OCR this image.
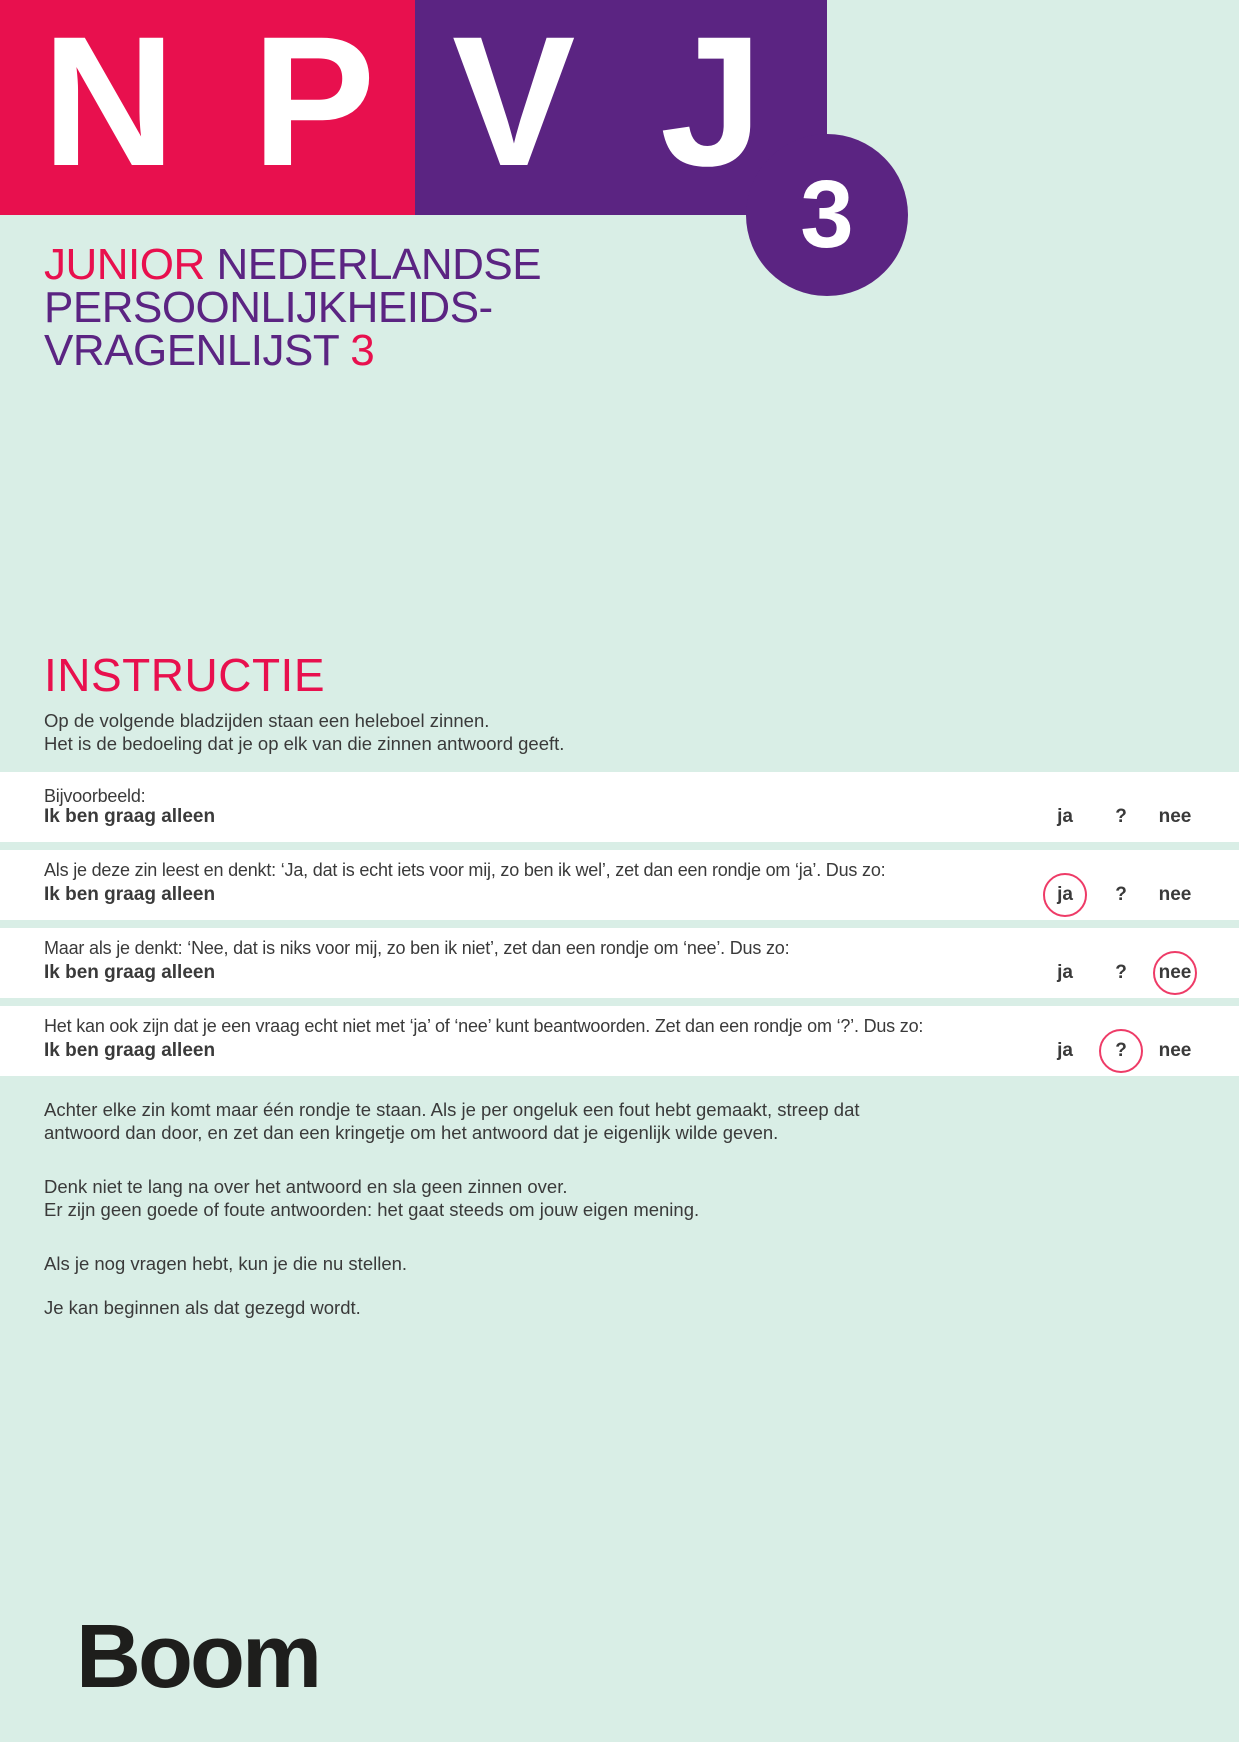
3
N P V J
JUNIOR NEDERLANDSE
PERSOONLIJKHEIDS-
VRAGENLIJST 3
INSTRUCTIE
Op de volgende bladzijden staan een heleboel zinnen.
Het is de bedoeling dat je op elk van die zinnen antwoord geeft.
Bijvoorbeeld:
Ik ben graag alleen	ja	?	nee
Als je deze zin leest en denkt: ‘Ja, dat is echt iets voor mij, zo ben ik wel’, zet dan een rondje om ‘ja’. Dus zo:
Ik ben graag alleen	ja	?	nee
Maar als je denkt: ‘Nee, dat is niks voor mij, zo ben ik niet’, zet dan een rondje om ‘nee’. Dus zo:
Ik ben graag alleen	ja	?	nee
Het kan ook zijn dat je een vraag echt niet met ‘ja’ of ‘nee’ kunt beantwoorden. Zet dan een rondje om ‘?’. Dus zo:
Ik ben graag alleen	ja	?	nee
Achter elke zin komt maar één rondje te staan. Als je per ongeluk een fout hebt gemaakt, streep dat
antwoord dan door, en zet dan een kringetje om het antwoord dat je eigenlijk wilde geven.
Denk niet te lang na over het antwoord en sla geen zinnen over.
Er zijn geen goede of foute antwoorden: het gaat steeds om jouw eigen mening.
Als je nog vragen hebt, kun je die nu stellen.
Je kan beginnen als dat gezegd wordt.
Boom
